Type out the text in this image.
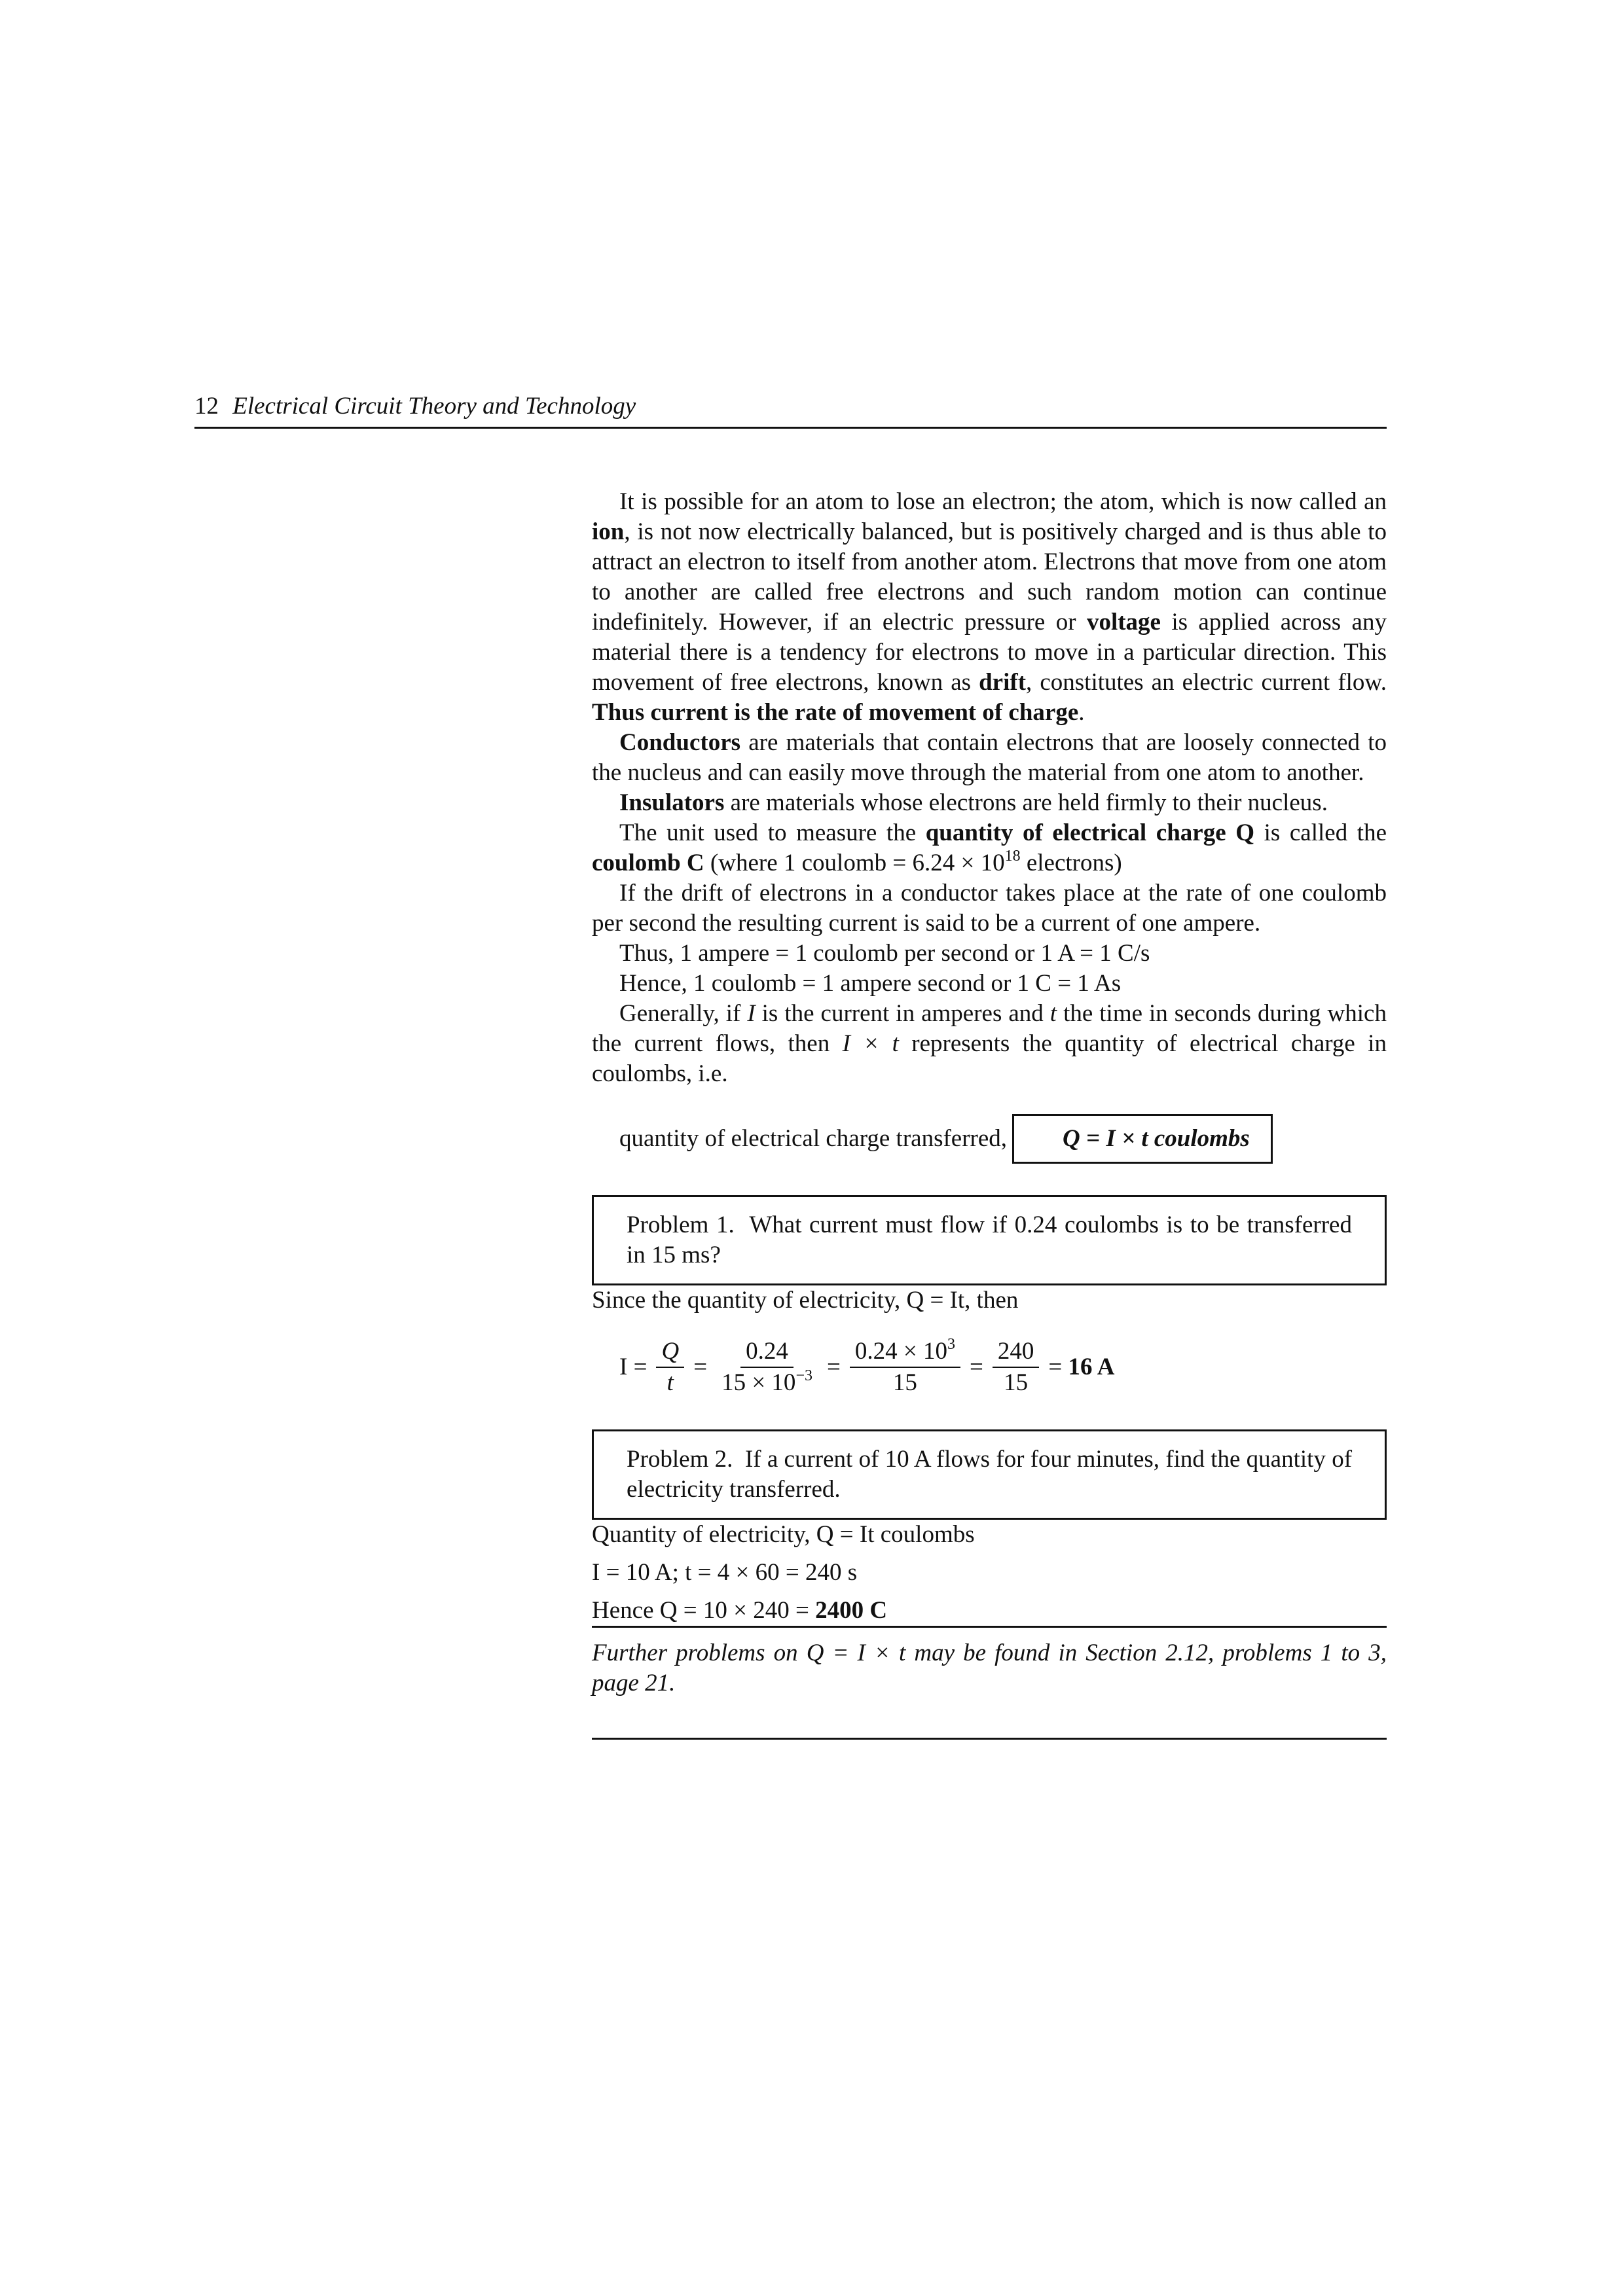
12 Electrical Circuit Theory and Technology

It is possible for an atom to lose an electron; the atom, which is now called an ion, is not now electrically balanced, but is positively charged and is thus able to attract an electron to itself from another atom. Electrons that move from one atom to another are called free electrons and such random motion can continue indefinitely. However, if an electric pressure or voltage is applied across any material there is a tendency for electrons to move in a particular direction. This movement of free electrons, known as drift, constitutes an electric current flow. Thus current is the rate of movement of charge.

Conductors are materials that contain electrons that are loosely connected to the nucleus and can easily move through the material from one atom to another.

Insulators are materials whose electrons are held firmly to their nucleus.

The unit used to measure the quantity of electrical charge Q is called the coulomb C (where 1 coulomb = $6.24 \times 10^{18}$ electrons)

If the drift of electrons in a conductor takes place at the rate of one coulomb per second the resulting current is said to be a current of one ampere.

Thus, 1 ampere = 1 coulomb per second or 1 A = 1 C/s

Hence, 1 coulomb = 1 ampere second or 1 C = 1 As

Generally, if I is the current in amperes and t the time in seconds during which the current flows, then I × t represents the quantity of electrical charge in coulombs, i.e.

quantity of electrical charge transferred,	Q = I × t coulombs
Problem 1. What current must flow if 0.24 coulombs is to be transferred in 15 ms?

Since the quantity of electricity, Q = It, then

$I = \frac{Q}{t} = \frac{0.24}{15 \times 10^{-3}} = \frac{0.24 \times 10^3}{15} = \frac{240}{15} = 16$ A
Problem 2. If a current of 10 A flows for four minutes, find the quantity of electricity transferred.

Quantity of electricity, Q = It coulombs

I = 10 A; t = 4 × 60 = 240 s

Hence Q = 10 × 240 = 2400 C

Further problems on Q = I × t may be found in Section 2.12, problems 1 to 3, page 21.
